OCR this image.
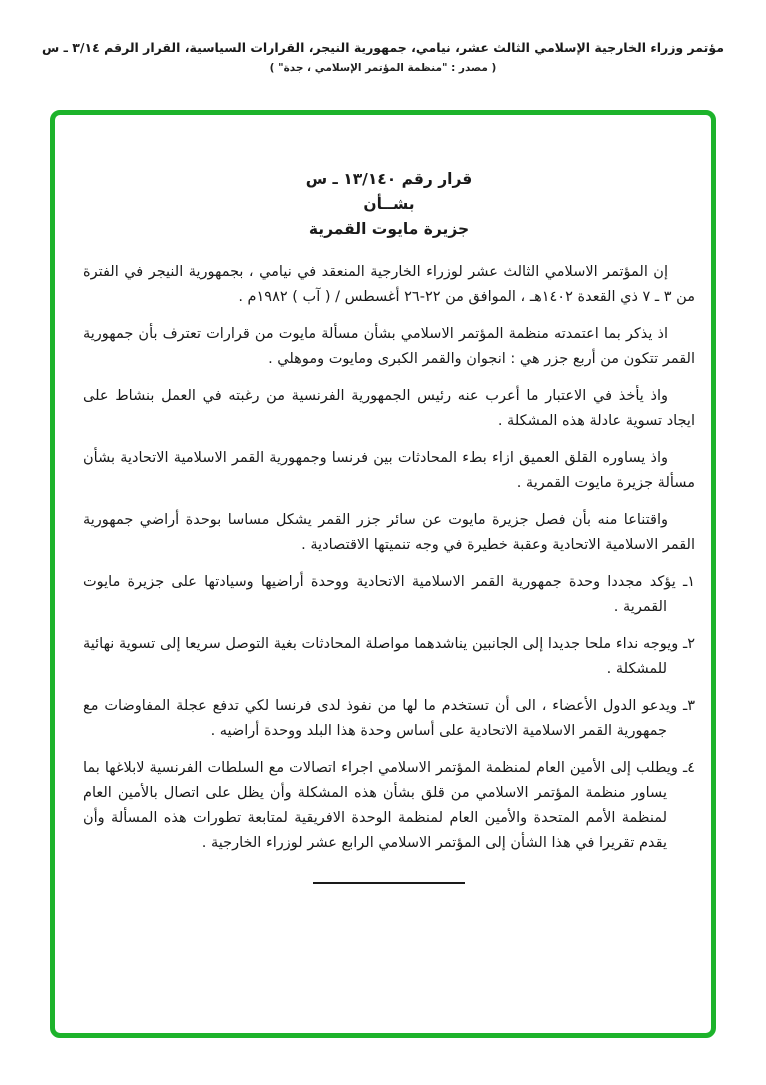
مؤتمر وزراء الخارجية الإسلامي الثالث عشر، نيامي، جمهورية النيجر، القرارات السياسية، القرار الرقم ٣/١٤ ـ س
( مصدر : "منظمة المؤتمر الإسلامي ، جدة" )
قرار رقم ١٣/١٤٠ ـ س
بشــأن
جزيرة مايوت القمرية

إن المؤتمر الاسلامي الثالث عشر لوزراء الخارجية المنعقد في نيامي ، بجمهورية النيجر في الفترة من ٣ ـ ٧ ذي القعدة ١٤٠٢هـ ، الموافق من ٢٢-٢٦ أغسطس / ( آب ) ١٩٨٢م .

اذ يذكر بما اعتمدته منظمة المؤتمر الاسلامي بشأن مسألة مايوت من قرارات تعترف بأن جمهورية القمر تتكون من أربع جزر هي : انجوان والقمر الكبرى ومايوت وموهلي .

واذ يأخذ في الاعتبار ما أعرب عنه رئيس الجمهورية الفرنسية من رغبته في العمل بنشاط على ايجاد تسوية عادلة هذه المشكلة .

واذ يساوره القلق العميق ازاء بطء المحادثات بين فرنسا وجمهورية القمر الاسلامية الاتحادية بشأن مسألة جزيرة مايوت القمرية .

واقتناعا منه بأن فصل جزيرة مايوت عن سائر جزر القمر يشكل مساسا بوحدة أراضي جمهورية القمر الاسلامية الاتحادية وعقبة خطيرة في وجه تنميتها الاقتصادية .

١ـ يؤكد مجددا وحدة جمهورية القمر الاسلامية الاتحادية ووحدة أراضيها وسيادتها على جزيرة مايوت القمرية .

٢ـ ويوجه نداء ملحا جديدا إلى الجانبين يناشدهما مواصلة المحادثات بغية التوصل سريعا إلى تسوية نهائية للمشكلة .

٣ـ ويدعو الدول الأعضاء ، الى أن تستخدم ما لها من نفوذ لدى فرنسا لكي تدفع عجلة المفاوضات مع جمهورية القمر الاسلامية الاتحادية على أساس وحدة هذا البلد ووحدة أراضيه .

٤ـ ويطلب إلى الأمين العام لمنظمة المؤتمر الاسلامي اجراء اتصالات مع السلطات الفرنسية لابلاغها بما يساور منظمة المؤتمر الاسلامي من قلق بشأن هذه المشكلة وأن يظل على اتصال بالأمين العام لمنظمة الأمم المتحدة والأمين العام لمنظمة الوحدة الافريقية لمتابعة تطورات هذه المسألة وأن يقدم تقريرا في هذا الشأن إلى المؤتمر الاسلامي الرابع عشر لوزراء الخارجية .
